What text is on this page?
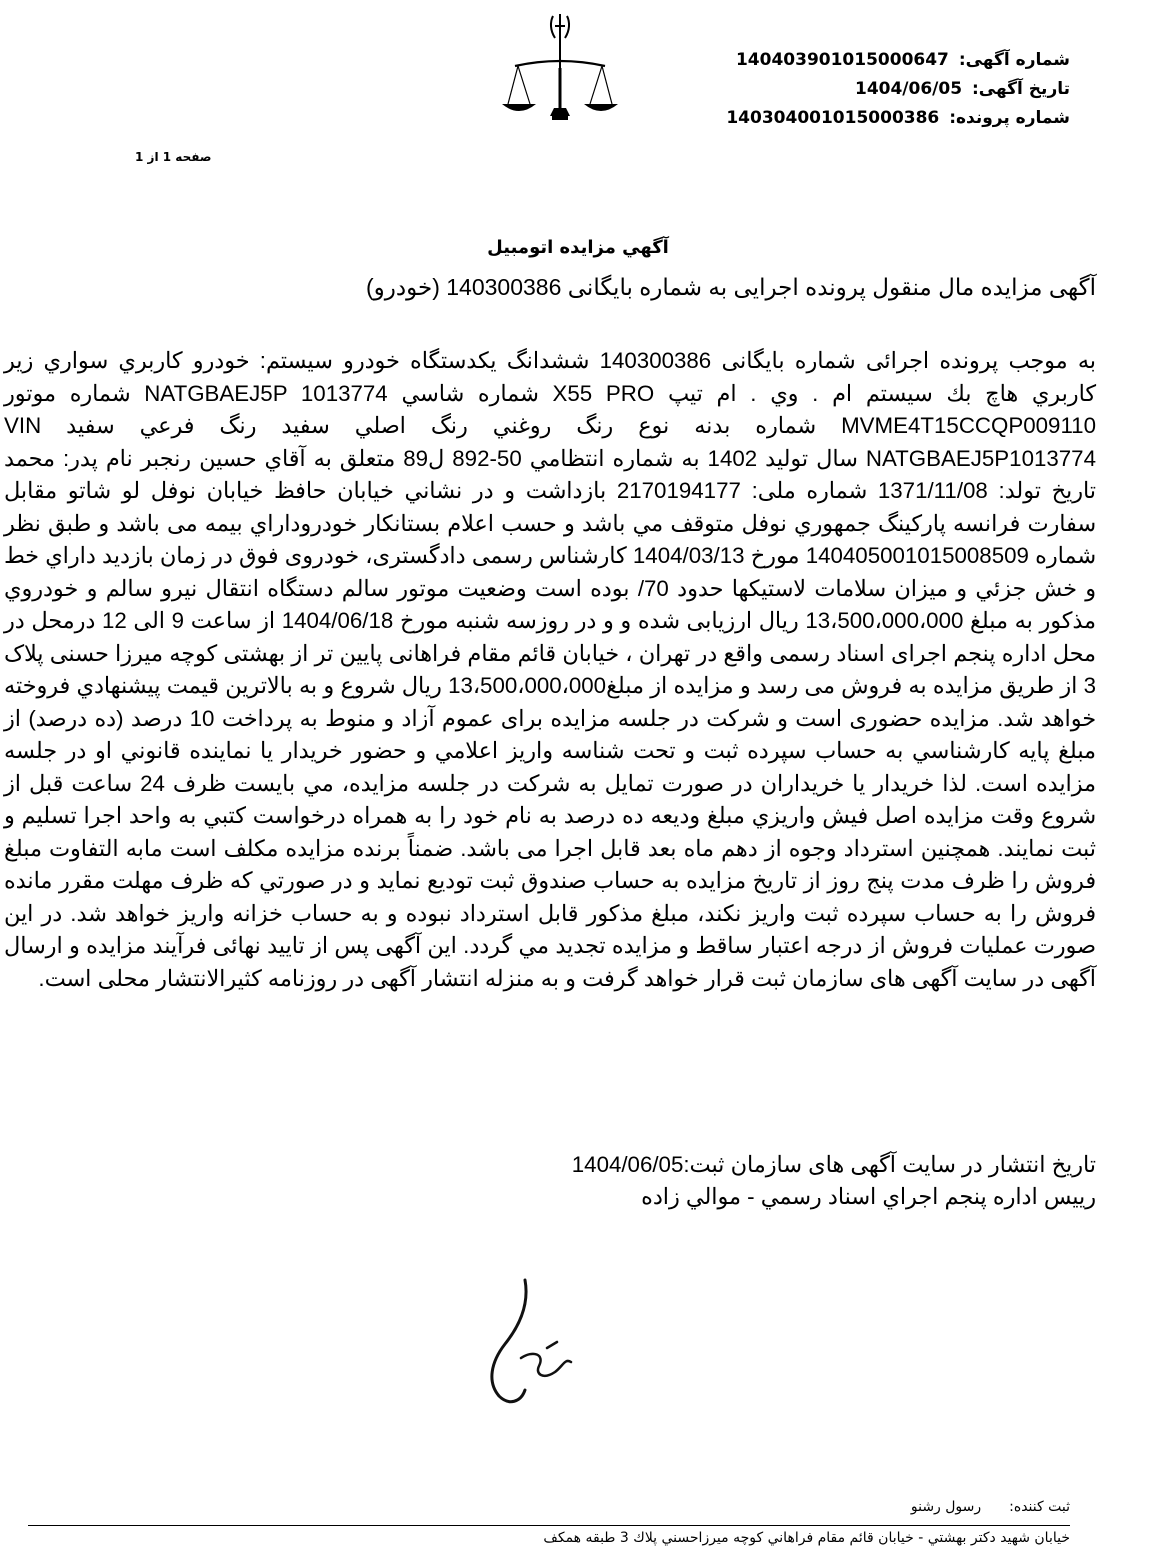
شماره آگهی: 140403901015000647
تاریخ آگهی: 1404/06/05
شماره پرونده: 140304001015000386
صفحه 1 از 1
آگهي مزايده اتومبيل
آگهی مزایده مال منقول پرونده اجرایی به شماره بایگانی 140300386 (خودرو)

به موجب پرونده اجرائی شماره بایگانی 140300386 ششدانگ یکدستگاه خودرو سیستم: خودرو كاربري سواري زير كاربري هاچ بك سيستم ام . وي . ام تيپ X55 PRO شماره شاسي NATGBAEJ5P 1013774 شماره موتور MVME4T15CCQP009110 شماره بدنه نوع رنگ روغني رنگ اصلي سفيد رنگ فرعي سفيد VIN NATGBAEJ5P1013774 سال توليد 1402 به شماره انتظامي 50-892 ل89 متعلق به آقاي حسين رنجبر نام پدر: محمد تاريخ تولد: 1371/11/08 شماره ملی: 2170194177 بازداشت و در نشاني خيابان حافظ خيابان نوفل لو شاتو مقابل سفارت فرانسه پاركينگ جمهوري نوفل متوقف مي باشد و حسب اعلام بستانكار خودروداراي بيمه می باشد و طبق نظر شماره 140405001015008509 مورخ 1404/03/13 کارشناس رسمی دادگستری، خودروی فوق در زمان بازديد داراي خط و خش جزئي و ميزان سلامات لاستيكها حدود 70/ بوده است وضعيت موتور سالم دستگاه انتقال نيرو سالم و خودروي مذكور به مبلغ 13،500،000،000 ريال ارزیابی شده و و در روزسه شنبه مورخ 1404/06/18 از ساعت 9 الی 12 درمحل در محل اداره پنجم اجرای اسناد رسمی واقع در تهران ، خیابان قائم مقام فراهانی پایین تر از بهشتی کوچه میرزا حسنی پلاک 3 از طریق مزایده به فروش می رسد و مزایده از مبلغ13،500،000،000 ريال شروع و به بالاترين قيمت پيشنهادي فروخته خواهد شد. مزایده حضوری است و شرکت در جلسه مزایده برای عموم آزاد و منوط به پرداخت 10 درصد (ده درصد) از مبلغ پايه كارشناسي به حساب سپرده ثبت و تحت شناسه واريز اعلامي و حضور خريدار يا نماينده قانوني او در جلسه مزايده است. لذا خريدار يا خريداران در صورت تمايل به شركت در جلسه مزايده، مي بايست ظرف 24 ساعت قبل از شروع وقت مزايده اصل فيش واريزي مبلغ وديعه ده درصد به نام خود را به همراه درخواست كتبي به واحد اجرا تسليم و ثبت نمايند. همچنین استرداد وجوه از دهم ماه بعد قابل اجرا می باشد. ضمناً برنده مزایده مکلف است مابه التفاوت مبلغ فروش را ظرف مدت پنج روز از تاریخ مزایده به حساب صندوق ثبت توديع نمايد و در صورتي كه ظرف مهلت مقرر مانده فروش را به حساب سپرده ثبت واريز نكند، مبلغ مذكور قابل استرداد نبوده و به حساب خزانه واريز خواهد شد. در اين صورت عمليات فروش از درجه اعتبار ساقط و مزايده تجديد مي گردد. این آگهی پس از تایید نهائی فرآیند مزایده و ارسال آگهی در سایت آگهی های سازمان ثبت قرار خواهد گرفت و به منزله انتشار آگهی در روزنامه کثیرالانتشار محلی است.

تاریخ انتشار در سایت آگهی های سازمان ثبت:1404/06/05
رييس اداره پنجم اجراي اسناد رسمي - موالي زاده
ثبت کننده:رسول رشنو
خيابان شهيد دكتر بهشتي - خيابان قائم مقام فراهاني كوچه ميرزاحسني پلاك 3 طبقه همكف
